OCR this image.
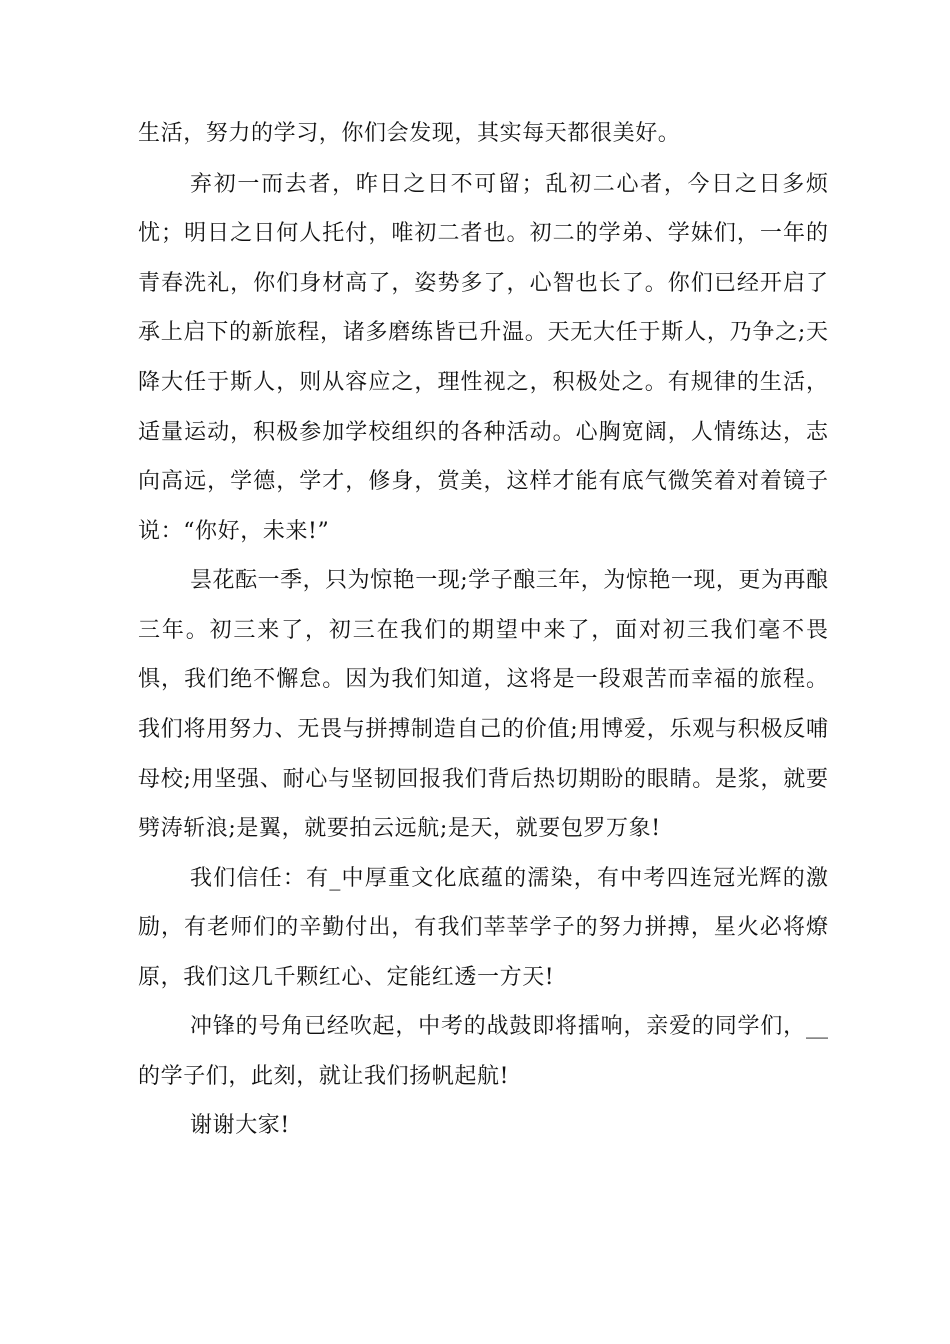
生活，努力的学习，你们会发现，其实每天都很美好。
弃初一而去者，昨日之日不可留；乱初二心者，今日之日多烦
忧；明日之日何人托付，唯初二者也。初二的学弟、学妹们，一年的
青春洗礼，你们身材高了，姿势多了，心智也长了。你们已经开启了
承上启下的新旅程，诸多磨练皆已升温。天无大任于斯人，乃争之;天
降大任于斯人，则从容应之，理性视之，积极处之。有规律的生活，
适量运动，积极参加学校组织的各种活动。心胸宽阔，人情练达，志
向高远，学德，学才，修身，赏美，这样才能有底气微笑着对着镜子
说：“你好，未来!”
昙花酝一季，只为惊艳一现;学子酿三年，为惊艳一现，更为再酿
三年。初三来了，初三在我们的期望中来了，面对初三我们毫不畏
惧，我们绝不懈怠。因为我们知道，这将是一段艰苦而幸福的旅程。
我们将用努力、无畏与拼搏制造自己的价值;用博爱，乐观与积极反哺
母校;用坚强、耐心与坚韧回报我们背后热切期盼的眼睛。是浆，就要
劈涛斩浪;是翼，就要拍云远航;是天，就要包罗万象!
我们信任：有_中厚重文化底蕴的濡染，有中考四连冠光辉的激
励，有老师们的辛勤付出，有我们莘莘学子的努力拼搏，星火必将燎
原，我们这几千颗红心、定能红透一方天!
冲锋的号角已经吹起，中考的战鼓即将擂响，亲爱的同学们，__
的学子们，此刻，就让我们扬帆起航!
谢谢大家!
